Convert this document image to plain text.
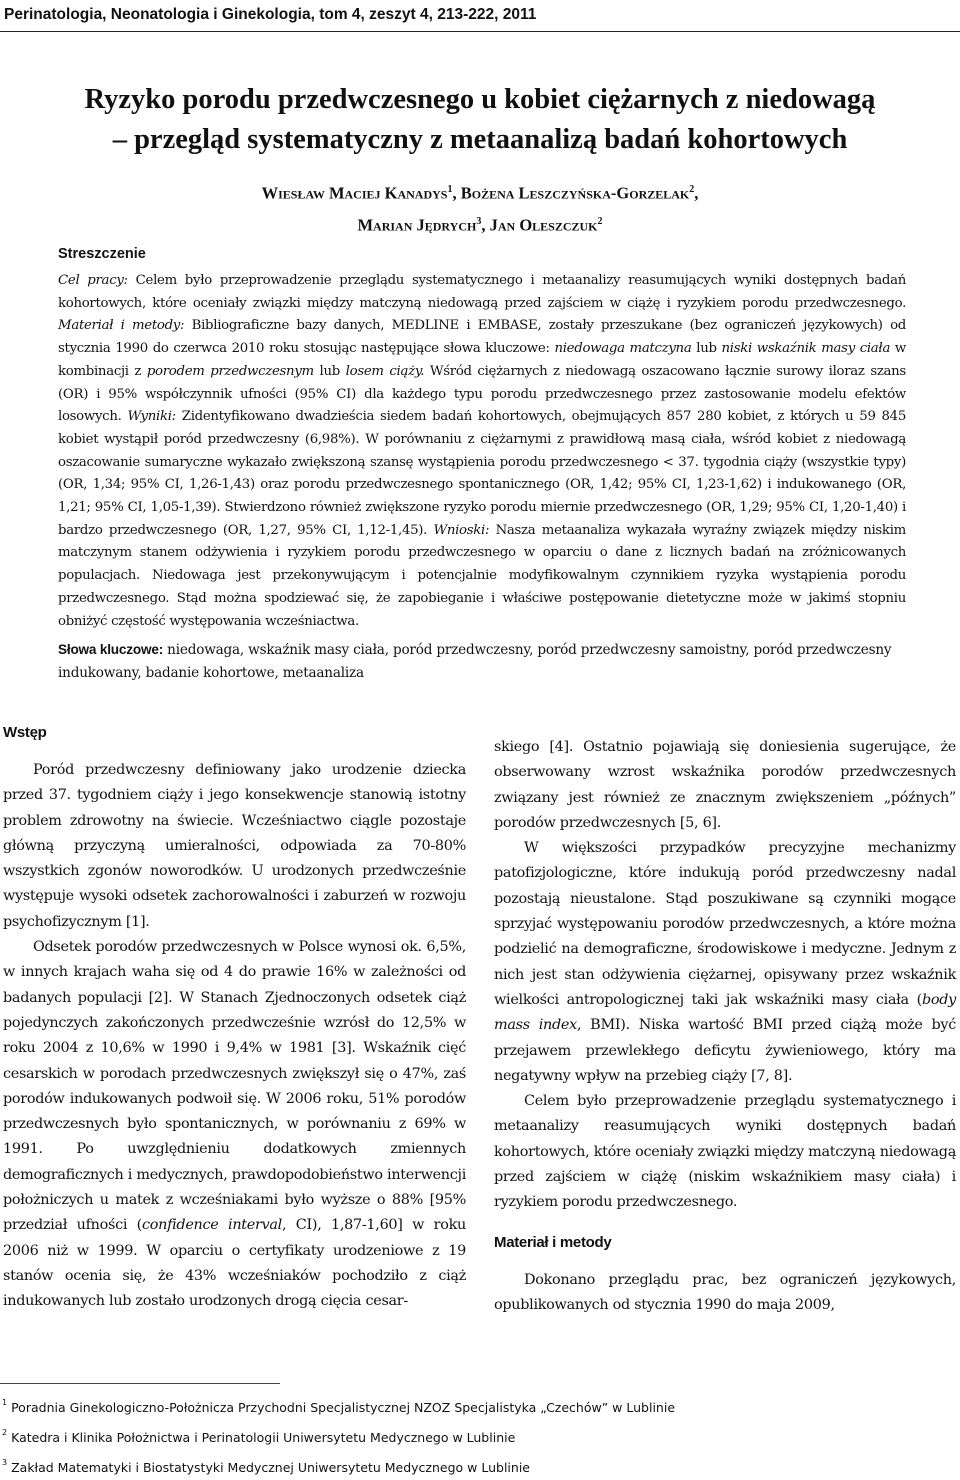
Perinatologia, Neonatologia i Ginekologia, tom 4, zeszyt 4, 213-222, 2011
Ryzyko porodu przedwczesnego u kobiet ciężarnych z niedowagą
– przegląd systematyczny z metaanalizą badań kohortowych
Wiesław Maciej Kanadys$^1$, Bożena Leszczyńska-Gorzelak$^2$,
Marian Jędrych$^3$, Jan Oleszczuk$^2$
Streszczenie

Cel pracy: Celem było przeprowadzenie przeglądu systematycznego i metaanalizy reasumujących wyniki dostępnych badań kohortowych, które oceniały związki między matczyną niedowagą przed zajściem w ciążę i ryzykiem porodu przedwczesnego. Materiał i metody: Bibliograficzne bazy danych, MEDLINE i EMBASE, zostały przeszukane (bez ograniczeń językowych) od stycznia 1990 do czerwca 2010 roku stosując następujące słowa kluczowe: niedowaga matczyna lub niski wskaźnik masy ciała w kombinacji z porodem przedwczesnym lub losem ciąży. Wśród ciężarnych z niedowagą oszacowano łącznie surowy iloraz szans (OR) i 95% współczynnik ufności (95% CI) dla każdego typu porodu przedwczesnego przez zastosowanie modelu efektów losowych. Wyniki: Zidentyfikowano dwadzieścia siedem badań kohortowych, obejmujących 857 280 kobiet, z których u 59 845 kobiet wystąpił poród przedwczesny (6,98%). W porównaniu z ciężarnymi z prawidłową masą ciała, wśród kobiet z niedowagą oszacowanie sumaryczne wykazało zwiększoną szansę wystąpienia porodu przedwczesnego < 37. tygodnia ciąży (wszystkie typy) (OR, 1,34; 95% CI, 1,26-1,43) oraz porodu przedwczesnego spontanicznego (OR, 1,42; 95% CI, 1,23-1,62) i indukowanego (OR, 1,21; 95% CI, 1,05-1,39). Stwierdzono również zwiększone ryzyko porodu miernie przedwczesnego (OR, 1,29; 95% CI, 1,20-1,40) i bardzo przedwczesnego (OR, 1,27, 95% CI, 1,12-1,45). Wnioski: Nasza metaanaliza wykazała wyraźny związek między niskim matczynym stanem odżywienia i ryzykiem porodu przedwczesnego w oparciu o dane z licznych badań na zróżnicowanych populacjach. Niedowaga jest przekonywującym i potencjalnie modyfikowalnym czynnikiem ryzyka wystąpienia porodu przedwczesnego. Stąd można spodziewać się, że zapobieganie i właściwe postępowanie dietetyczne może w jakimś stopniu obniżyć częstość występowania wcześniactwa.

Słowa kluczowe: niedowaga, wskaźnik masy ciała, poród przedwczesny, poród przedwczesny samoistny, poród przedwczesny indukowany, badanie kohortowe, metaanaliza
Wstęp

Poród przedwczesny definiowany jako urodzenie dziecka przed 37. tygodniem ciąży i jego konsekwencje stanowią istotny problem zdrowotny na świecie. Wcześniactwo ciągle pozostaje główną przyczyną umieralności, odpowiada za 70-80% wszystkich zgonów noworodków. U urodzonych przedwcześnie występuje wysoki odsetek zachorowalności i zaburzeń w rozwoju psychofizycznym [1].

Odsetek porodów przedwczesnych w Polsce wynosi ok. 6,5%, w innych krajach waha się od 4 do prawie 16% w zależności od badanych populacji [2]. W Stanach Zjednoczonych odsetek ciąż pojedynczych zakończonych przedwcześnie wzrósł do 12,5% w roku 2004 z 10,6% w 1990 i 9,4% w 1981 [3]. Wskaźnik cięć cesarskich w porodach przedwczesnych zwiększył się o 47%, zaś porodów indukowanych podwoił się. W 2006 roku, 51% porodów przedwczesnych było spontanicznych, w porównaniu z 69% w 1991. Po uwzględnieniu dodatkowych zmiennych demograficznych i medycznych, prawdopodobieństwo interwencji położniczych u matek z wcześniakami było wyższe o 88% [95% przedział ufności (confidence interval, CI), 1,87-1,60] w roku 2006 niż w 1999. W oparciu o certyfikaty urodzeniowe z 19 stanów ocenia się, że 43% wcześniaków pochodziło z ciąż indukowanych lub zostało urodzonych drogą cięcia cesar-

skiego [4]. Ostatnio pojawiają się doniesienia sugerujące, że obserwowany wzrost wskaźnika porodów przedwczesnych związany jest również ze znacznym zwiększeniem „późnych” porodów przedwczesnych [5, 6].

W większości przypadków precyzyjne mechanizmy patofizjologiczne, które indukują poród przedwczesny nadal pozostają nieustalone. Stąd poszukiwane są czynniki mogące sprzyjać występowaniu porodów przedwczesnych, a które można podzielić na demograficzne, środowiskowe i medyczne. Jednym z nich jest stan odżywienia ciężarnej, opisywany przez wskaźnik wielkości antropologicznej taki jak wskaźniki masy ciała (body mass index, BMI). Niska wartość BMI przed ciążą może być przejawem przewlekłego deficytu żywieniowego, który ma negatywny wpływ na przebieg ciąży [7, 8].

Celem było przeprowadzenie przeglądu systematycznego i metaanalizy reasumujących wyniki dostępnych badań kohortowych, które oceniały związki między matczyną niedowagą przed zajściem w ciążę (niskim wskaźnikiem masy ciała) i ryzykiem porodu przedwczesnego.

Materiał i metody

Dokonano przeglądu prac, bez ograniczeń językowych, opublikowanych od stycznia 1990 do maja 2009,

$^1$ Poradnia Ginekologiczno-Położnicza Przychodni Specjalistycznej NZOZ Specjalistyka „Czechów” w Lublinie
$^2$ Katedra i Klinika Położnictwa i Perinatologii Uniwersytetu Medycznego w Lublinie
$^3$ Zakład Matematyki i Biostatystyki Medycznej Uniwersytetu Medycznego w Lublinie
